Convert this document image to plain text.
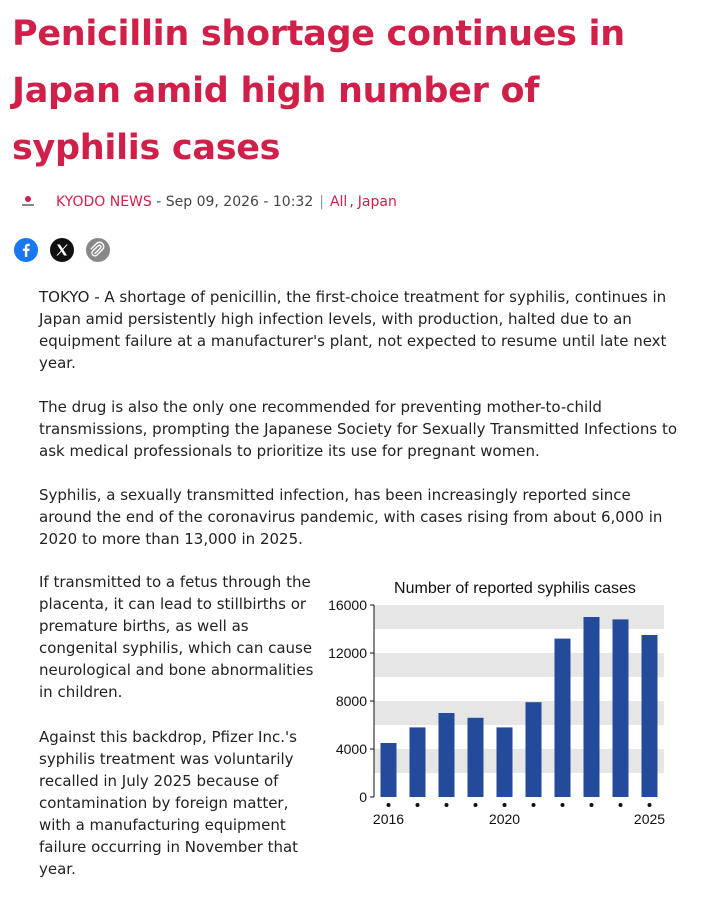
Penicillin shortage continues in Japan amid high number of syphilis cases
KYODO NEWS
- Sep 09, 2026 - 10:32 | All , Japan

TOKYO - A shortage of penicillin, the first-choice treatment for syphilis, continues in Japan amid persistently high infection levels, with production, halted due to an equipment failure at a manufacturer's plant, not expected to resume until late next year.

The drug is also the only one recommended for preventing mother-to-child transmissions, prompting the Japanese Society for Sexually Transmitted Infections to ask medical professionals to prioritize its use for pregnant women.

Syphilis, a sexually transmitted infection, has been increasingly reported since around the end of the coronavirus pandemic, with cases rising from about 6,000 in 2020 to more than 13,000 in 2025.

If transmitted to a fetus through the placenta, it can lead to stillbirths or premature births, as well as congenital syphilis, which can cause neurological and bone abnormalities in children.

Against this backdrop, Pfizer Inc.'s syphilis treatment was voluntarily recalled in July 2025 because of contamination by foreign matter, with a manufacturing equipment failure occurring in November that year.

Number of reported syphilis cases
0
4000
8000
12000
16000
2016	2020	2025
